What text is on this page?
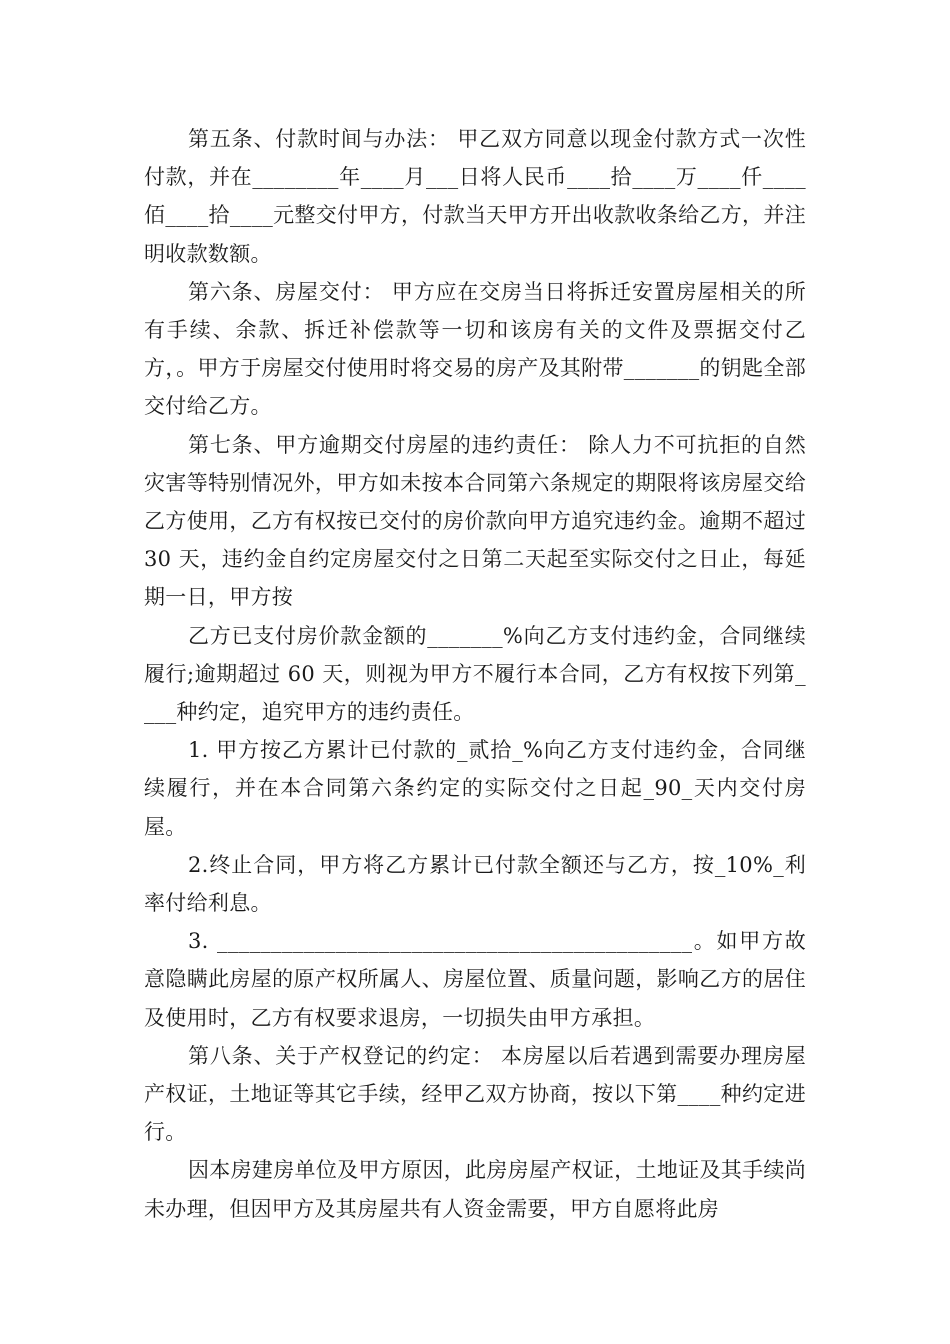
第五条、付款时间与办法： 甲乙双方同意以现金付款方式一次性付款，并在________年____月___日将人民币____拾____万____仟____佰____拾____元整交付甲方，付款当天甲方开出收款收条给乙方，并注明收款数额。

第六条、房屋交付： 甲方应在交房当日将拆迁安置房屋相关的所有手续、余款、拆迁补偿款等一切和该房有关的文件及票据交付乙方，。甲方于房屋交付使用时将交易的房产及其附带_______的钥匙全部交付给乙方。

第七条、甲方逾期交付房屋的违约责任： 除人力不可抗拒的自然灾害等特别情况外，甲方如未按本合同第六条规定的期限将该房屋交给乙方使用，乙方有权按已交付的房价款向甲方追究违约金。逾期不超过 30 天，违约金自约定房屋交付之日第二天起至实际交付之日止，每延期一日，甲方按

乙方已支付房价款金额的_______%向乙方支付违约金，合同继续履行;逾期超过 60 天，则视为甲方不履行本合同，乙方有权按下列第____种约定，追究甲方的违约责任。

1. 甲方按乙方累计已付款的_贰拾_%向乙方支付违约金，合同继续履行，并在本合同第六条约定的实际交付之日起_90_天内交付房屋。

2.终止合同，甲方将乙方累计已付款全额还与乙方，按_10%_利率付给利息。

3. ____________________________________________。如甲方故意隐瞒此房屋的原产权所属人、房屋位置、质量问题，影响乙方的居住及使用时，乙方有权要求退房，一切损失由甲方承担。

第八条、关于产权登记的约定： 本房屋以后若遇到需要办理房屋产权证，土地证等其它手续，经甲乙双方协商，按以下第____种约定进行。

因本房建房单位及甲方原因，此房房屋产权证，土地证及其手续尚未办理，但因甲方及其房屋共有人资金需要，甲方自愿将此房
